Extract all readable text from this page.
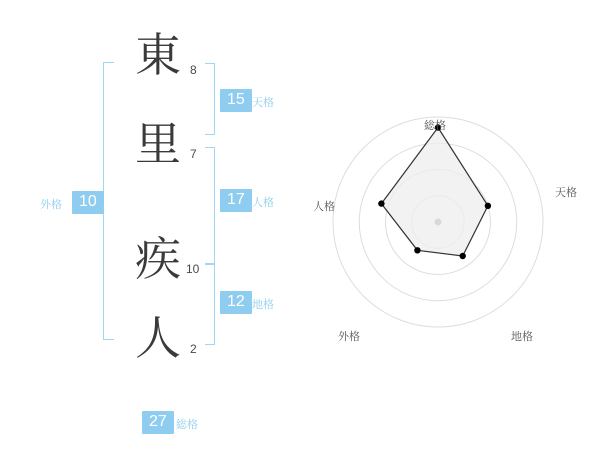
外格	10
東 8
里 7
疾 10
人 2
15 天格
17 人格
12 地格
27 総格
総格
天格
地格
外格
人格
